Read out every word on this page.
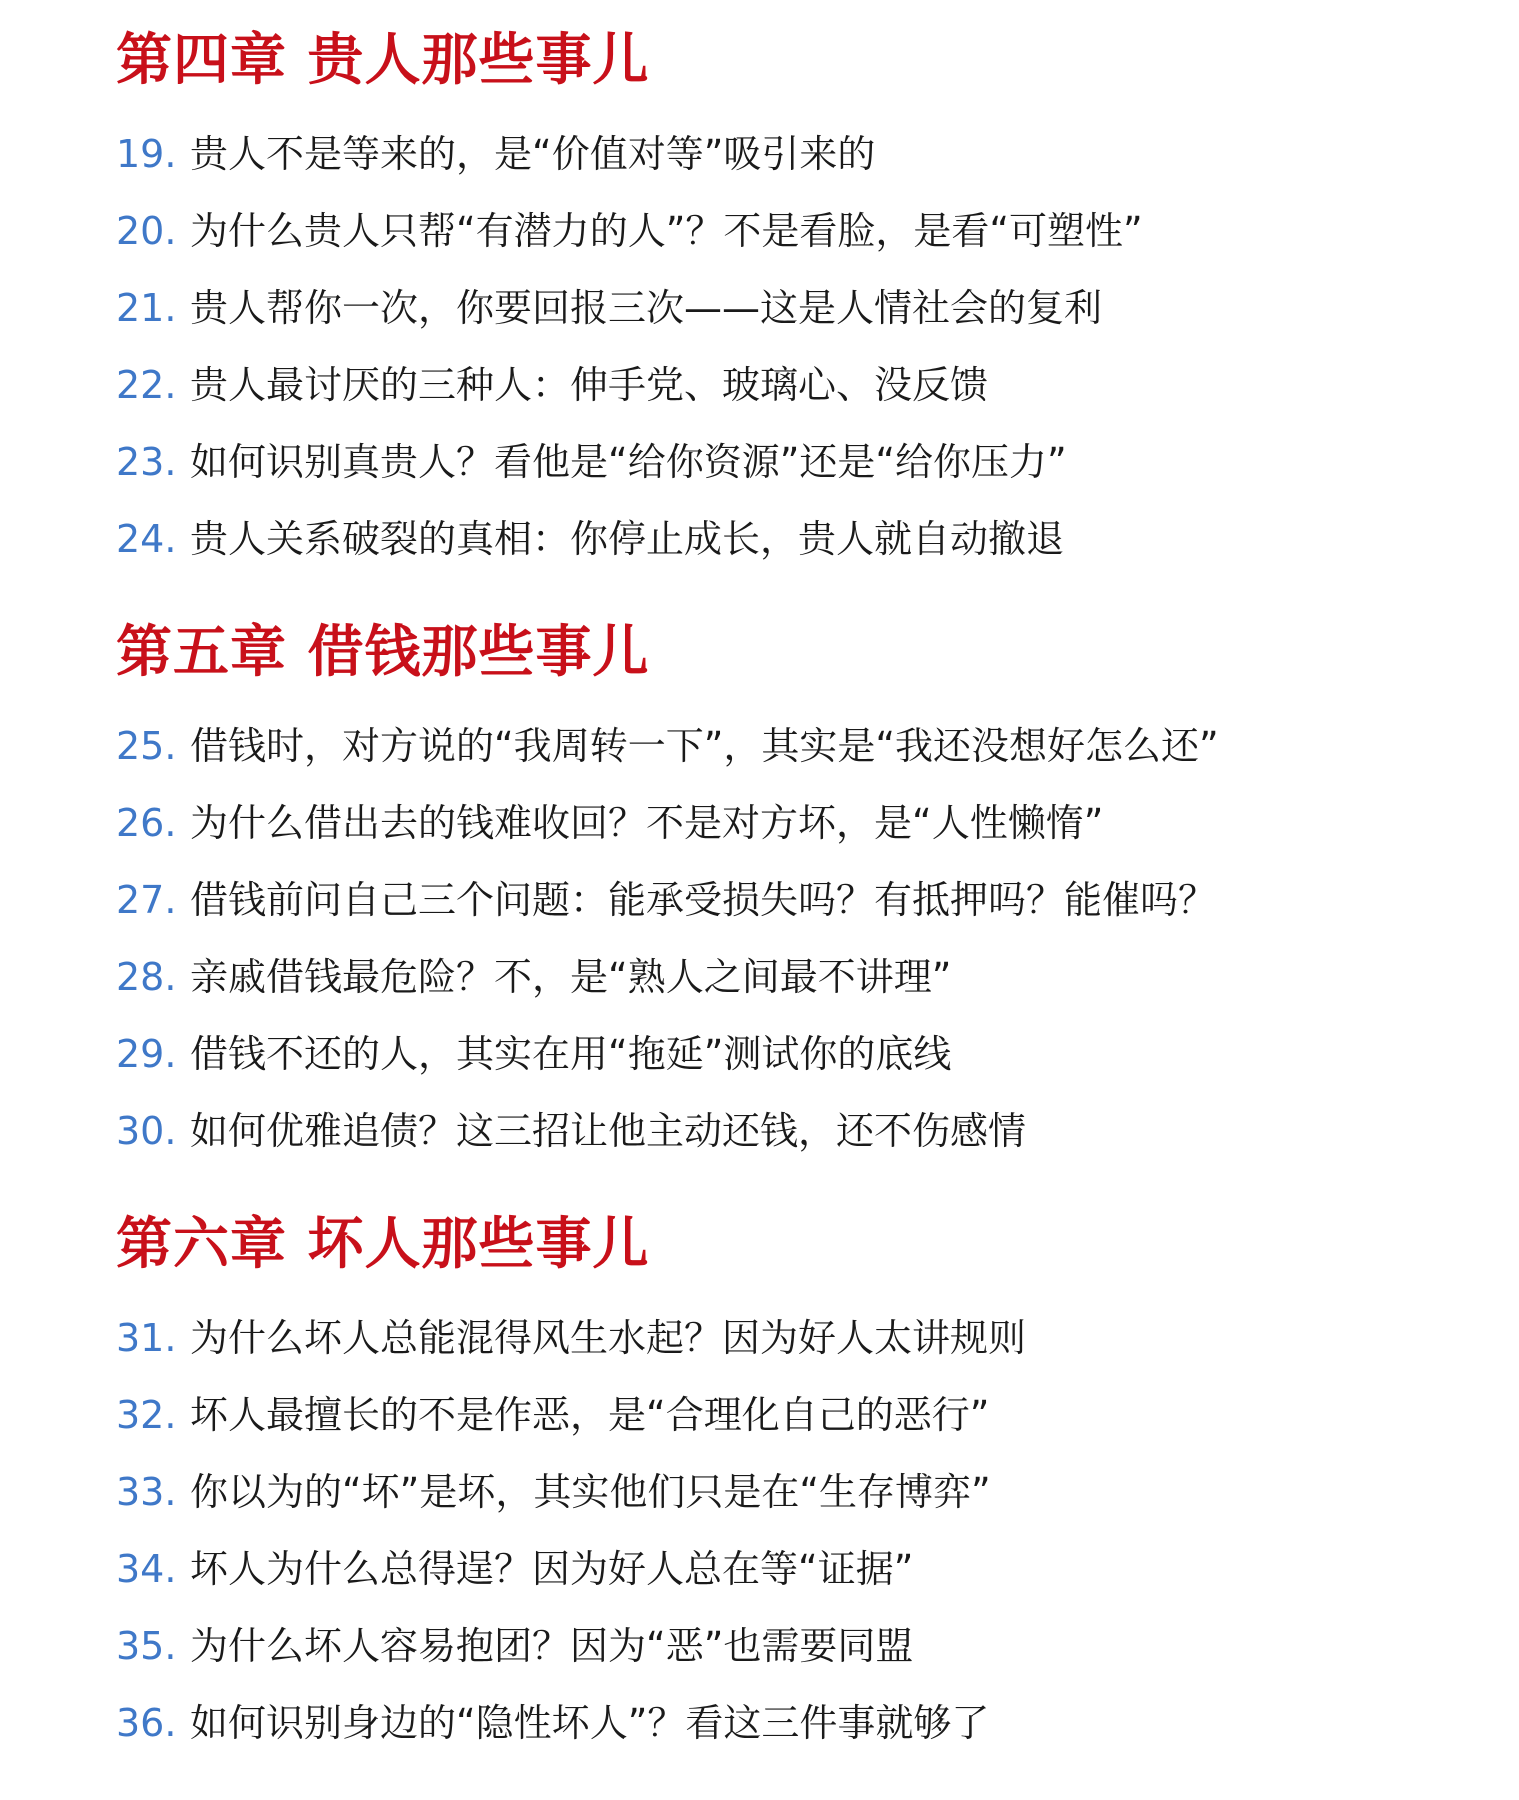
第四章 贵人那些事儿
19. 贵人不是等来的，是“价值对等”吸引来的
20. 为什么贵人只帮“有潜力的人”？不是看脸，是看“可塑性”
21. 贵人帮你一次，你要回报三次——这是人情社会的复利
22. 贵人最讨厌的三种人：伸手党、玻璃心、没反馈
23. 如何识别真贵人？看他是“给你资源”还是“给你压力”
24. 贵人关系破裂的真相：你停止成长，贵人就自动撤退
第五章 借钱那些事儿
25. 借钱时，对方说的“我周转一下”，其实是“我还没想好怎么还”
26. 为什么借出去的钱难收回？不是对方坏，是“人性懒惰”
27. 借钱前问自己三个问题：能承受损失吗？有抵押吗？能催吗？
28. 亲戚借钱最危险？不，是“熟人之间最不讲理”
29. 借钱不还的人，其实在用“拖延”测试你的底线
30. 如何优雅追债？这三招让他主动还钱，还不伤感情
第六章 坏人那些事儿
31. 为什么坏人总能混得风生水起？因为好人太讲规则
32. 坏人最擅长的不是作恶，是“合理化自己的恶行”
33. 你以为的“坏”是坏，其实他们只是在“生存博弈”
34. 坏人为什么总得逞？因为好人总在等“证据”
35. 为什么坏人容易抱团？因为“恶”也需要同盟
36. 如何识别身边的“隐性坏人”？看这三件事就够了
